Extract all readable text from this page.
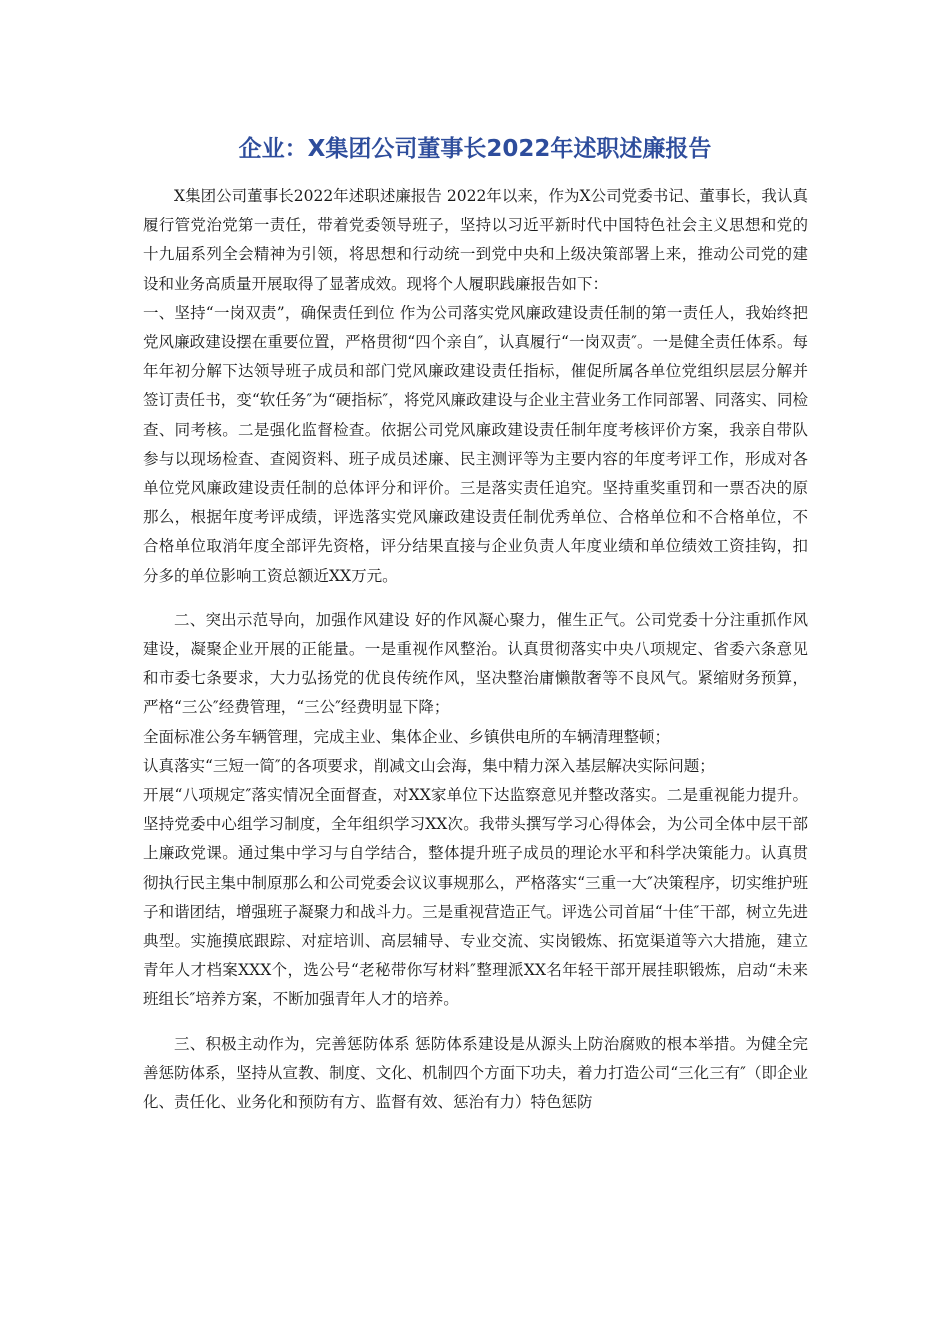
企业：X集团公司董事长2022年述职述廉报告

X集团公司董事长2022年述职述廉报告 2022年以来，作为X公司党委书记、董事长，我认真履行管党治党第一责任，带着党委领导班子，坚持以习近平新时代中国特色社会主义思想和党的十九届系列全会精神为引领，将思想和行动统一到党中央和上级决策部署上来，推动公司党的建设和业务高质量开展取得了显著成效。现将个人履职践廉报告如下：

一、坚持“一岗双责”，确保责任到位 作为公司落实党风廉政建设责任制的第一责任人，我始终把党风廉政建设摆在重要位置，严格贯彻“四个亲自″，认真履行“一岗双责″。一是健全责任体系。每年年初分解下达领导班子成员和部门党风廉政建设责任指标，催促所属各单位党组织层层分解并签订责任书，变“软任务″为“硬指标″，将党风廉政建设与企业主营业务工作同部署、同落实、同检查、同考核。二是强化监督检查。依据公司党风廉政建设责任制年度考核评价方案，我亲自带队参与以现场检查、查阅资料、班子成员述廉、民主测评等为主要内容的年度考评工作，形成对各单位党风廉政建设责任制的总体评分和评价。三是落实责任追究。坚持重奖重罚和一票否决的原那么，根据年度考评成绩，评选落实党风廉政建设责任制优秀单位、合格单位和不合格单位，不合格单位取消年度全部评先资格，评分结果直接与企业负责人年度业绩和单位绩效工资挂钩，扣分多的单位影响工资总额近XX万元。

二、突出示范导向，加强作风建设 好的作风凝心聚力，催生正气。公司党委十分注重抓作风建设，凝聚企业开展的正能量。一是重视作风整治。认真贯彻落实中央八项规定、省委六条意见和市委七条要求，大力弘扬党的优良传统作风，坚决整治庸懒散奢等不良风气。紧缩财务预算，严格“三公″经费管理，“三公″经费明显下降；

全面标准公务车辆管理，完成主业、集体企业、乡镇供电所的车辆清理整顿；

认真落实“三短一简″的各项要求，削减文山会海，集中精力深入基层解决实际问题；

开展“八项规定″落实情况全面督查，对XX家单位下达监察意见并整改落实。二是重视能力提升。坚持党委中心组学习制度，全年组织学习XX次。我带头撰写学习心得体会，为公司全体中层干部上廉政党课。通过集中学习与自学结合，整体提升班子成员的理论水平和科学决策能力。认真贯彻执行民主集中制原那么和公司党委会议议事规那么，严格落实“三重一大″决策程序，切实维护班子和谐团结，增强班子凝聚力和战斗力。三是重视营造正气。评选公司首届“十佳″干部，树立先进典型。实施摸底跟踪、对症培训、高层辅导、专业交流、实岗锻炼、拓宽渠道等六大措施，建立青年人才档案XXX个，选公号“老秘带你写材料″整理派XX名年轻干部开展挂职锻炼，启动“未来班组长″培养方案，不断加强青年人才的培养。

三、积极主动作为，完善惩防体系 惩防体系建设是从源头上防治腐败的根本举措。为健全完善惩防体系，坚持从宣教、制度、文化、机制四个方面下功夫，着力打造公司“三化三有″（即企业化、责任化、业务化和预防有方、监督有效、惩治有力）特色惩防
